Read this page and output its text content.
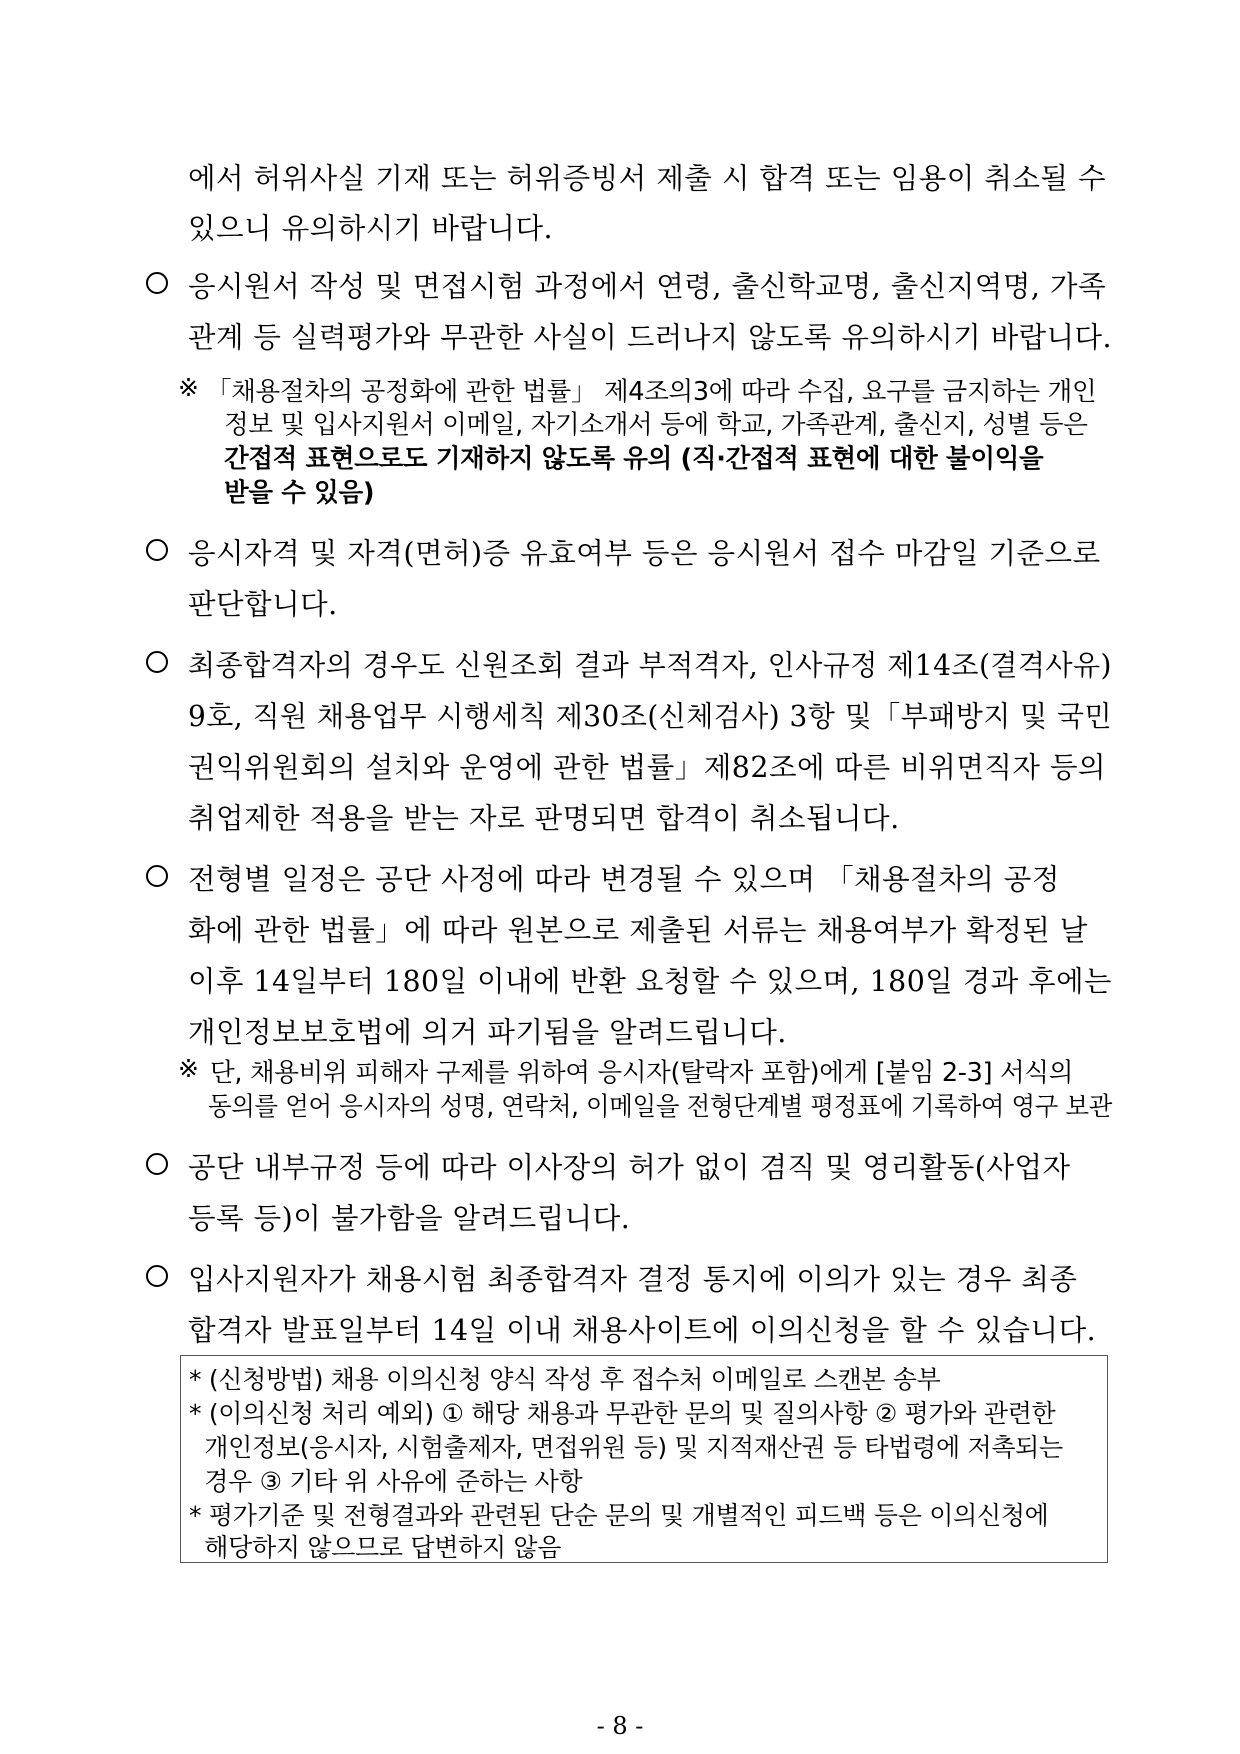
에서 허위사실 기재 또는 허위증빙서 제출 시 합격 또는 임용이 취소될 수
있으니 유의하시기 바랍니다.
응시원서 작성 및 면접시험 과정에서 연령, 출신학교명, 출신지역명, 가족
관계 등 실력평가와 무관한 사실이 드러나지 않도록 유의하시기 바랍니다.
※ 「채용절차의 공정화에 관한 법률」 제4조의3에 따라 수집, 요구를 금지하는 개인
정보 및 입사지원서 이메일, 자기소개서 등에 학교, 가족관계, 출신지, 성별 등은
간접적 표현으로도 기재하지 않도록 유의 (직·간접적 표현에 대한 불이익을
받을 수 있음)
응시자격 및 자격(면허)증 유효여부 등은 응시원서 접수 마감일 기준으로
판단합니다.
최종합격자의 경우도 신원조회 결과 부적격자, 인사규정 제14조(결격사유)
9호, 직원 채용업무 시행세칙 제30조(신체검사) 3항 및「부패방지 및 국민
권익위원회의 설치와 운영에 관한 법률」제82조에 따른 비위면직자 등의
취업제한 적용을 받는 자로 판명되면 합격이 취소됩니다.
전형별 일정은 공단 사정에 따라 변경될 수 있으며 「채용절차의 공정
화에 관한 법률」에 따라 원본으로 제출된 서류는 채용여부가 확정된 날
이후 14일부터 180일 이내에 반환 요청할 수 있으며, 180일 경과 후에는
개인정보보호법에 의거 파기됨을 알려드립니다.
※ 단, 채용비위 피해자 구제를 위하여 응시자(탈락자 포함)에게 [붙임 2-3] 서식의
동의를 얻어 응시자의 성명, 연락처, 이메일을 전형단계별 평정표에 기록하여 영구 보관
공단 내부규정 등에 따라 이사장의 허가 없이 겸직 및 영리활동(사업자
등록 등)이 불가함을 알려드립니다.
입사지원자가 채용시험 최종합격자 결정 통지에 이의가 있는 경우 최종
합격자 발표일부터 14일 이내 채용사이트에 이의신청을 할 수 있습니다.
* (신청방법) 채용 이의신청 양식 작성 후 접수처 이메일로 스캔본 송부
* (이의신청 처리 예외) ① 해당 채용과 무관한 문의 및 질의사항 ② 평가와 관련한
개인정보(응시자, 시험출제자, 면접위원 등) 및 지적재산권 등 타법령에 저촉되는
경우 ③ 기타 위 사유에 준하는 사항
* 평가기준 및 전형결과와 관련된 단순 문의 및 개별적인 피드백 등은 이의신청에
해당하지 않으므로 답변하지 않음
- 8 -
